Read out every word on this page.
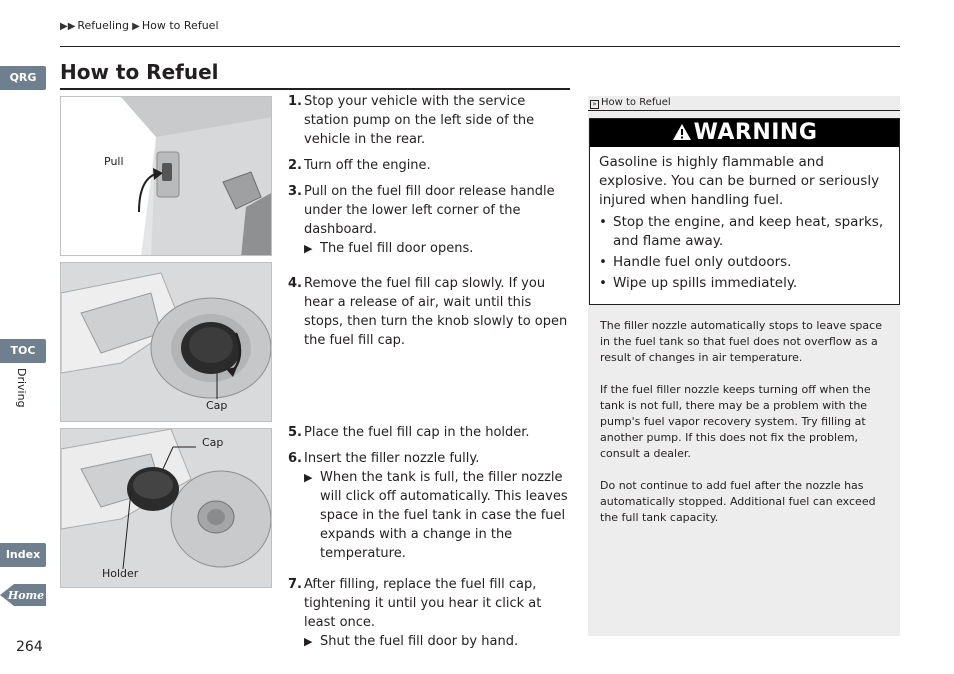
▶▶ Refueling ▶ How to Refuel
How to Refuel
QRG
TOC
Driving
Index
Home
264
Pull
Cap
Cap
Holder
1. Stop your vehicle with the service station pump on the left side of the vehicle in the rear.
2. Turn off the engine.
3. Pull on the fuel fill door release handle under the lower left corner of the dashboard.
▶ The fuel fill door opens.
4. Remove the fuel fill cap slowly. If you hear a release of air, wait until this stops, then turn the knob slowly to open the fuel fill cap.
5. Place the fuel fill cap in the holder.
6. Insert the filler nozzle fully.
▶ When the tank is full, the filler nozzle will click off automatically. This leaves space in the fuel tank in case the fuel expands with a change in the temperature.
7. After filling, replace the fuel fill cap, tightening it until you hear it click at least once.
▶ Shut the fuel fill door by hand.
» How to Refuel
WARNING
Gasoline is highly flammable and explosive. You can be burned or seriously injured when handling fuel.
• Stop the engine, and keep heat, sparks, and flame away.
• Handle fuel only outdoors.
• Wipe up spills immediately.
The filler nozzle automatically stops to leave space in the fuel tank so that fuel does not overflow as a result of changes in air temperature.
If the fuel filler nozzle keeps turning off when the tank is not full, there may be a problem with the pump's fuel vapor recovery system. Try filling at another pump. If this does not fix the problem, consult a dealer.
Do not continue to add fuel after the nozzle has automatically stopped. Additional fuel can exceed the full tank capacity.
